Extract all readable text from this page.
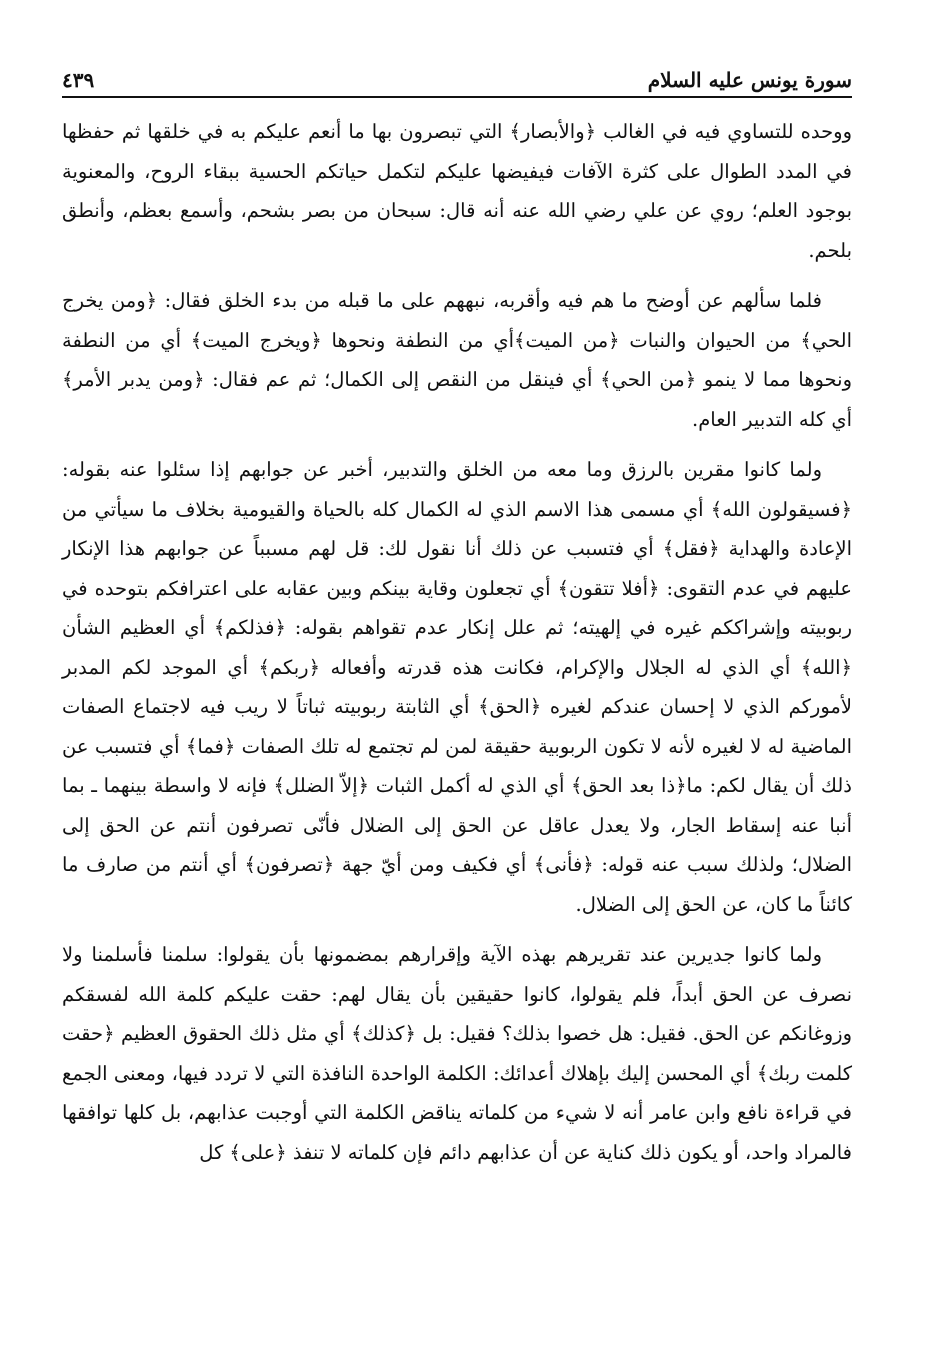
سورة يونس عليه السلام
٤٣٩

ووحده للتساوي فيه في الغالب ﴿والأبصار﴾ التي تبصرون بها ما أنعم عليكم به في خلقها ثم حفظها في المدد الطوال على كثرة الآفات فيفيضها عليكم لتكمل حياتكم الحسية ببقاء الروح، والمعنوية بوجود العلم؛ روي عن علي رضي الله عنه أنه قال: سبحان من بصر بشحم، وأسمع بعظم، وأنطق بلحم.

فلما سألهم عن أوضح ما هم فيه وأقربه، نبههم على ما قبله من بدء الخلق فقال: ﴿ومن يخرج الحي﴾ من الحيوان والنبات ﴿من الميت﴾أي من النطفة ونحوها ﴿ويخرج الميت﴾ أي من النطفة ونحوها مما لا ينمو ﴿من الحي﴾ أي فينقل من النقص إلى الكمال؛ ثم عم فقال: ﴿ومن يدبر الأمر﴾ أي كله التدبير العام.

ولما كانوا مقرين بالرزق وما معه من الخلق والتدبير، أخبر عن جوابهم إذا سئلوا عنه بقوله: ﴿فسيقولون الله﴾ أي مسمى هذا الاسم الذي له الكمال كله بالحياة والقيومية بخلاف ما سيأتي من الإعادة والهداية ﴿فقل﴾ أي فتسبب عن ذلك أنا نقول لك: قل لهم مسبباً عن جوابهم هذا الإنكار عليهم في عدم التقوى: ﴿أفلا تتقون﴾ أي تجعلون وقاية بينكم وبين عقابه على اعترافكم بتوحده في ربوبيته وإشراككم غيره في إلهيته؛ ثم علل إنكار عدم تقواهم بقوله: ﴿فذلكم﴾ أي العظيم الشأن ﴿الله﴾ أي الذي له الجلال والإكرام، فكانت هذه قدرته وأفعاله ﴿ربكم﴾ أي الموجد لكم المدبر لأموركم الذي لا إحسان عندكم لغيره ﴿الحق﴾ أي الثابتة ربوبيته ثباتاً لا ريب فيه لاجتماع الصفات الماضية له لا لغيره لأنه لا تكون الربوبية حقيقة لمن لم تجتمع له تلك الصفات ﴿فما﴾ أي فتسبب عن ذلك أن يقال لكم: ما﴿ذا بعد الحق﴾ أي الذي له أكمل الثبات ﴿إلاّ الضلل﴾ فإنه لا واسطة بينهما ـ بما أنبا عنه إسقاط الجار، ولا يعدل عاقل عن الحق إلى الضلال فأنّى تصرفون أنتم عن الحق إلى الضلال؛ ولذلك سبب عنه قوله: ﴿فأنى﴾ أي فكيف ومن أيّ جهة ﴿تصرفون﴾ أي أنتم من صارف ما كائناً ما كان، عن الحق إلى الضلال.

ولما كانوا جديرين عند تقريرهم بهذه الآية وإقرارهم بمضمونها بأن يقولوا: سلمنا فأسلمنا ولا نصرف عن الحق أبداً، فلم يقولوا، كانوا حقيقين بأن يقال لهم: حقت عليكم كلمة الله لفسقكم وزوغانكم عن الحق. فقيل: هل خصوا بذلك؟ فقيل: بل ﴿كذلك﴾ أي مثل ذلك الحقوق العظيم ﴿حقت كلمت ربك﴾ أي المحسن إليك بإهلاك أعدائك: الكلمة الواحدة النافذة التي لا تردد فيها، ومعنى الجمع في قراءة نافع وابن عامر أنه لا شيء من كلماته يناقض الكلمة التي أوجبت عذابهم، بل كلها توافقها فالمراد واحد، أو يكون ذلك كناية عن أن عذابهم دائم فإن كلماته لا تنفذ ﴿على﴾ كل
